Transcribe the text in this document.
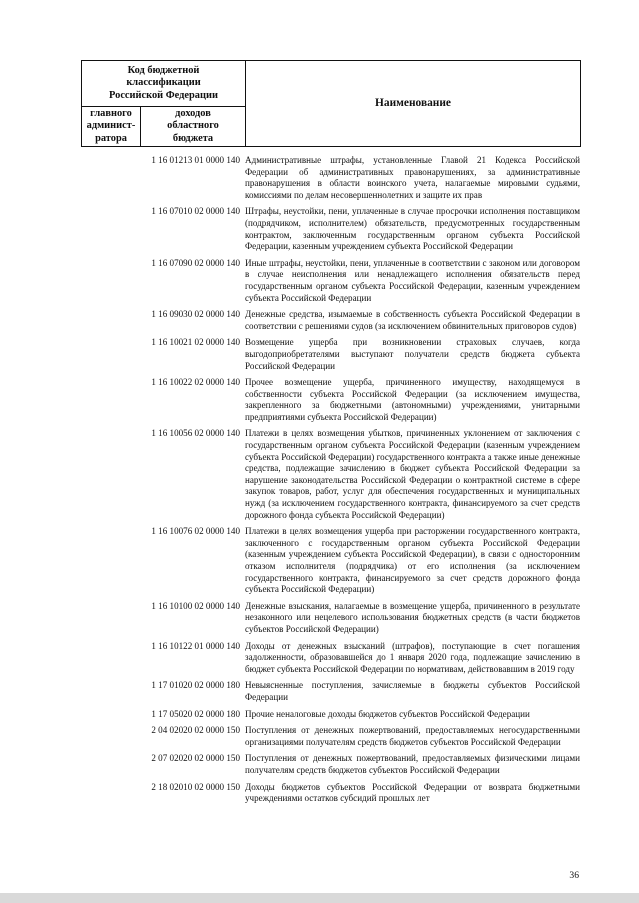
Код бюджетной классификации Российской Федерации		Наименование
главного админист-ратора	доходов областного бюджета	
1 16 01213 01 0000 140 Административные штрафы, установленные Главой 21 Кодекса Российской Федерации об административных правонарушениях, за административные правонарушения в области воинского учета, налагаемые мировыми судьями, комиссиями по делам несовершеннолетних и защите их прав
1 16 07010 02 0000 140 Штрафы, неустойки, пени, уплаченные в случае просрочки исполнения поставщиком (подрядчиком, исполнителем) обязательств, предусмотренных государственным контрактом, заключенным государственным органом субъекта Российской Федерации, казенным учреждением субъекта Российской Федерации
1 16 07090 02 0000 140 Иные штрафы, неустойки, пени, уплаченные в соответствии с законом или договором в случае неисполнения или ненадлежащего исполнения обязательств перед государственным органом субъекта Российской Федерации, казенным учреждением субъекта Российской Федерации
1 16 09030 02 0000 140 Денежные средства, изымаемые в собственность субъекта Российской Федерации в соответствии с решениями судов (за исключением обвинительных приговоров судов)
1 16 10021 02 0000 140 Возмещение ущерба при возникновении страховых случаев, когда выгодоприобретателями выступают получатели средств бюджета субъекта Российской Федерации
1 16 10022 02 0000 140 Прочее возмещение ущерба, причиненного имуществу, находящемуся в собственности субъекта Российской Федерации (за исключением имущества, закрепленного за бюджетными (автономными) учреждениями, унитарными предприятиями субъекта Российской Федерации)
1 16 10056 02 0000 140 Платежи в целях возмещения убытков, причиненных уклонением от заключения с государственным органом субъекта Российской Федерации (казенным учреждением субъекта Российской Федерации) государственного контракта а также иные денежные средства, подлежащие зачислению в бюджет субъекта Российской Федерации за нарушение законодательства Российской Федерации о контрактной системе в сфере закупок товаров, работ, услуг для обеспечения государственных и муниципальных нужд (за исключением государственного контракта, финансируемого за счет средств дорожного фонда субъекта Российской Федерации)
1 16 10076 02 0000 140 Платежи в целях возмещения ущерба при расторжении государственного контракта, заключенного с государственным органом субъекта Российской Федерации (казенным учреждением субъекта Российской Федерации), в связи с односторонним отказом исполнителя (подрядчика) от его исполнения (за исключением государственного контракта, финансируемого за счет средств дорожного фонда субъекта Российской Федерации)
1 16 10100 02 0000 140 Денежные взыскания, налагаемые в возмещение ущерба, причиненного в результате незаконного или нецелевого использования бюджетных средств (в части бюджетов субъектов Российской Федерации)
1 16 10122 01 0000 140 Доходы от денежных взысканий (штрафов), поступающие в счет погашения задолженности, образовавшейся до 1 января 2020 года, подлежащие зачислению в бюджет субъекта Российской Федерации по нормативам, действовавшим в 2019 году
1 17 01020 02 0000 180 Невыясненные поступления, зачисляемые в бюджеты субъектов Российской Федерации
1 17 05020 02 0000 180 Прочие неналоговые доходы бюджетов субъектов Российской Федерации
2 04 02020 02 0000 150 Поступления от денежных пожертвований, предоставляемых негосударственными организациями получателям средств бюджетов субъектов Российской Федерации
2 07 02020 02 0000 150 Поступления от денежных пожертвований, предоставляемых физическими лицами получателям средств бюджетов субъектов Российской Федерации
2 18 02010 02 0000 150 Доходы бюджетов субъектов Российской Федерации от возврата бюджетными учреждениями остатков субсидий прошлых лет
36
